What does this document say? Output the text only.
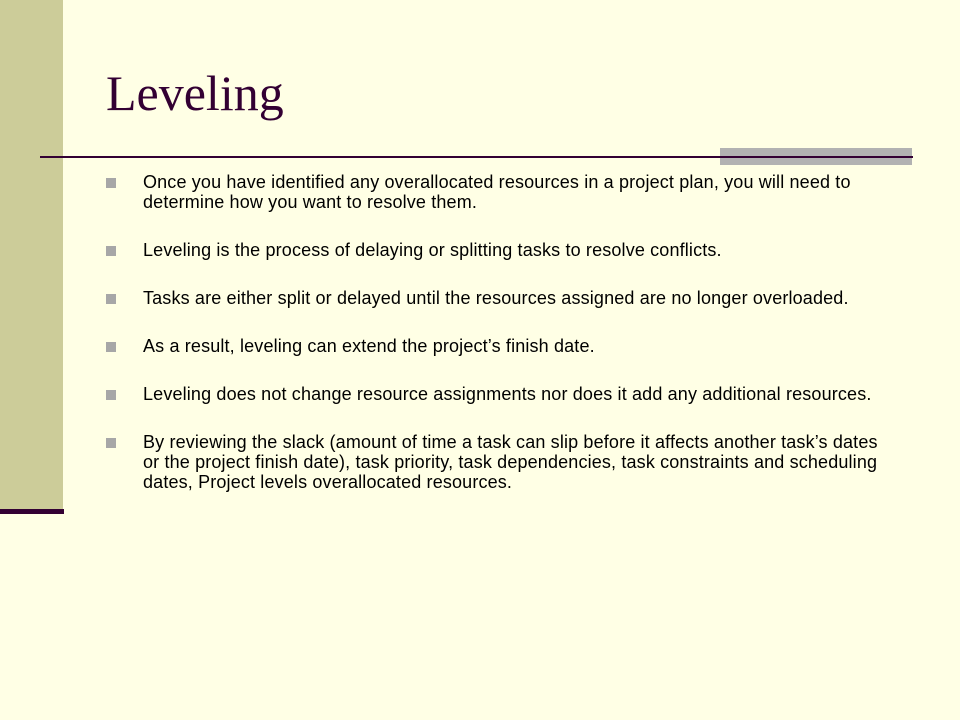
Leveling
Once you have identified any overallocated resources in a project plan, you will need to determine how you want to resolve them.
Leveling is the process of delaying or splitting tasks to resolve conflicts.
Tasks are either split or delayed until the resources assigned are no longer overloaded.
As a result, leveling can extend the project’s finish date.
Leveling does not change resource assignments nor does it add any additional resources.
By reviewing the slack (amount of time a task can slip before it affects another task’s dates or the project finish date), task priority, task dependencies, task constraints and scheduling dates, Project levels overallocated resources.
